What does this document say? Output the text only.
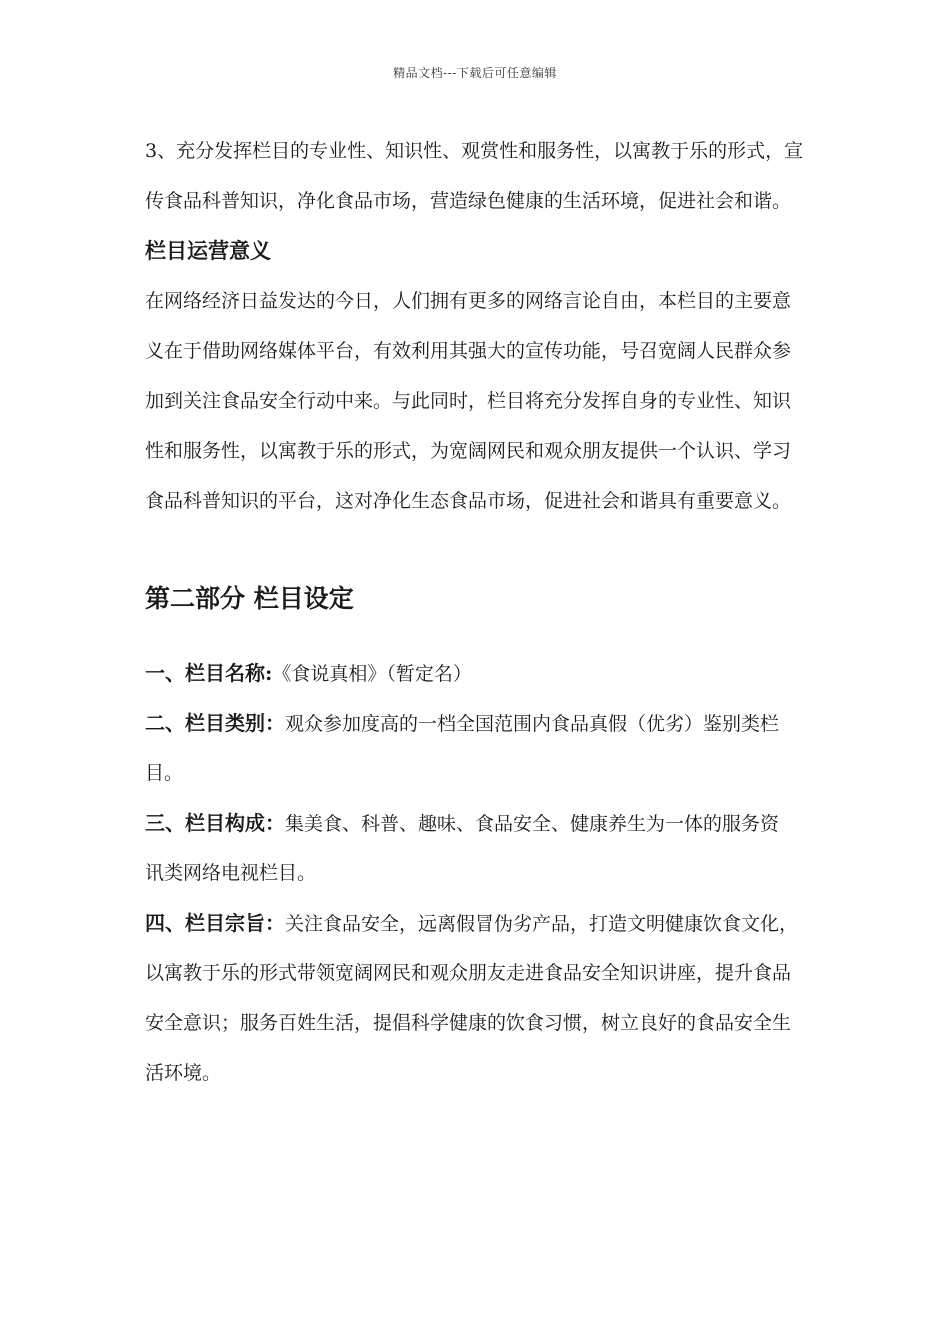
精品文档---下载后可任意编辑
3、充分发挥栏目的专业性、知识性、观赏性和服务性，以寓教于乐的形式，宣
传食品科普知识，净化食品市场，营造绿色健康的生活环境，促进社会和谐。
栏目运营意义
在网络经济日益发达的今日，人们拥有更多的网络言论自由，本栏目的主要意
义在于借助网络媒体平台，有效利用其强大的宣传功能，号召宽阔人民群众参
加到关注食品安全行动中来。与此同时，栏目将充分发挥自身的专业性、知识
性和服务性，以寓教于乐的形式，为宽阔网民和观众朋友提供一个认识、学习
食品科普知识的平台，这对净化生态食品市场，促进社会和谐具有重要意义。
第二部分 栏目设定
一、栏目名称:《食说真相》（暂定名）
二、栏目类别：观众参加度高的一档全国范围内食品真假（优劣）鉴别类栏
目。
三、栏目构成：集美食、科普、趣味、食品安全、健康养生为一体的服务资
讯类网络电视栏目。
四、栏目宗旨：关注食品安全，远离假冒伪劣产品，打造文明健康饮食文化，
以寓教于乐的形式带领宽阔网民和观众朋友走进食品安全知识讲座，提升食品
安全意识；服务百姓生活，提倡科学健康的饮食习惯，树立良好的食品安全生
活环境。
